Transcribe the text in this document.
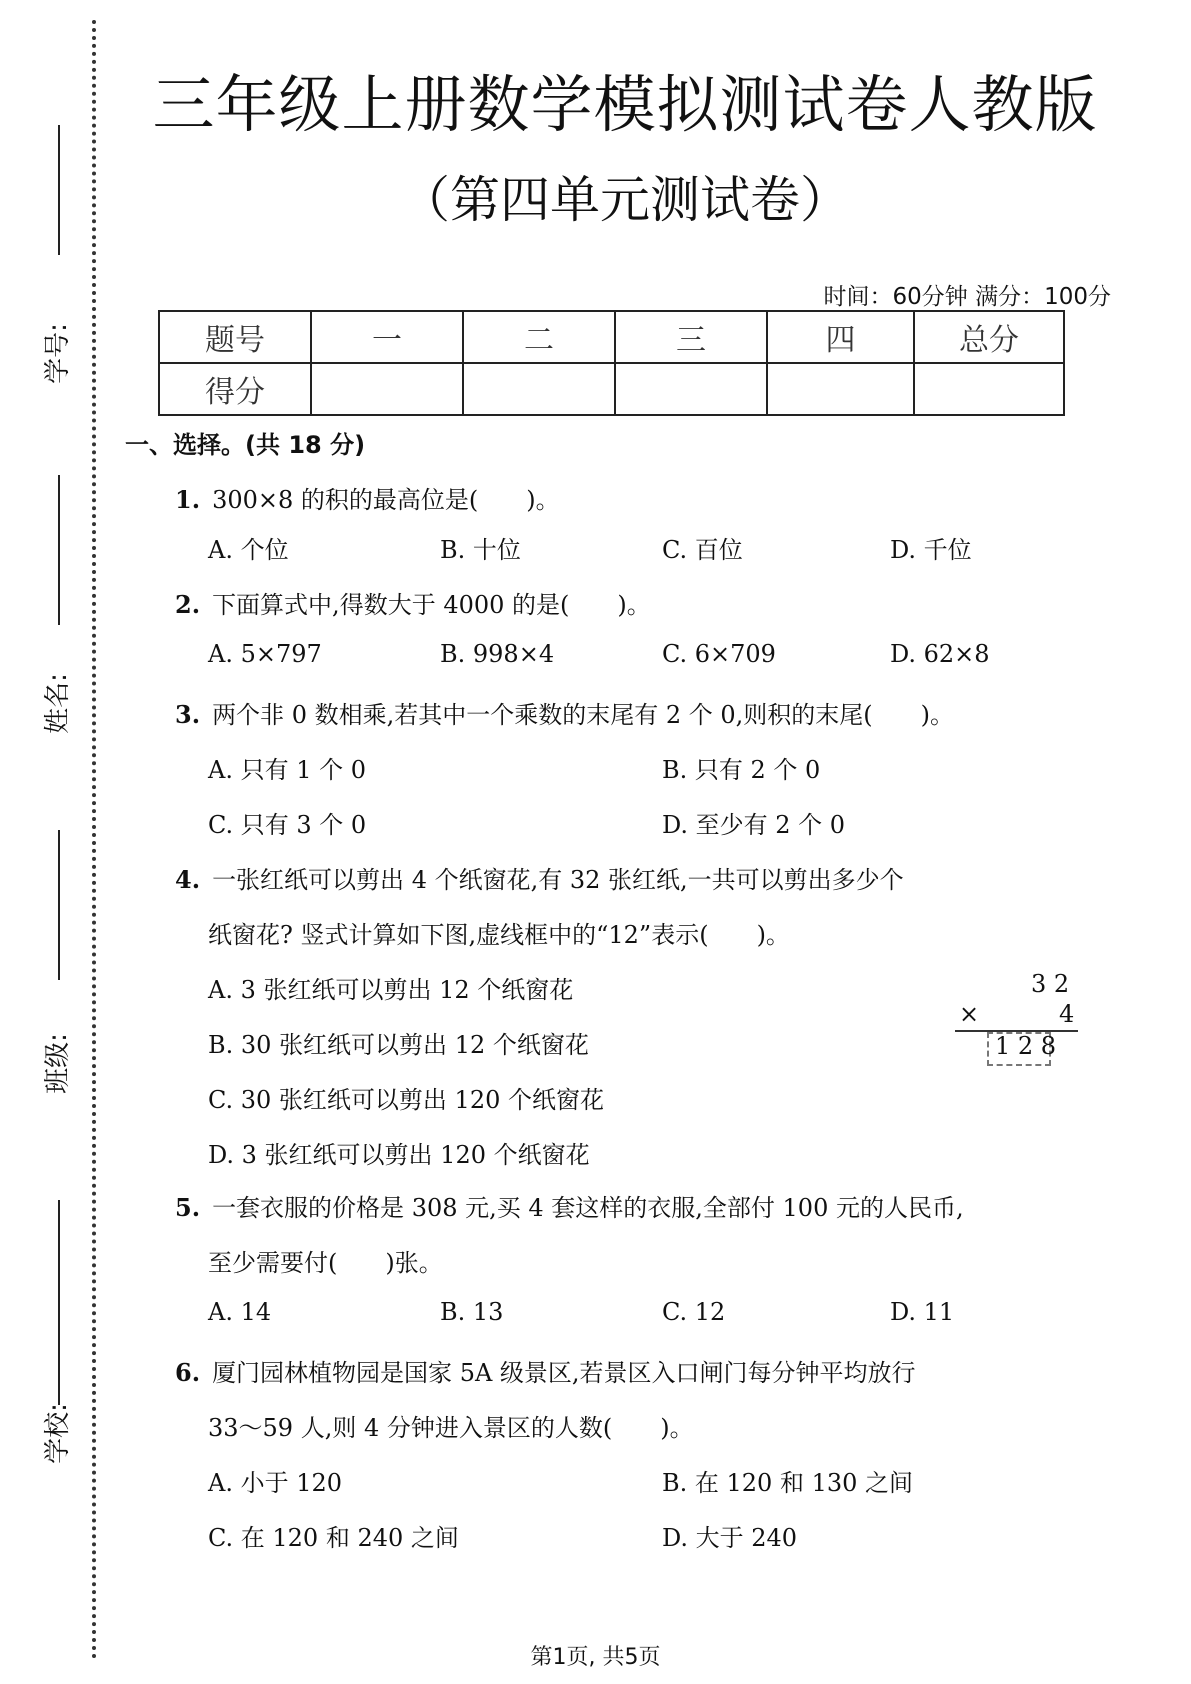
学号:
姓名:
班级:
学校:
三年级上册数学模拟测试卷人教版
（第四单元测试卷）
时间：60分钟 满分：100分
题号	一	二	三	四	总分
得分					
一、选择。(共 18 分)
1. 300×8 的积的最高位是(　　)。
A. 个位	B. 十位	C. 百位	D. 千位
2. 下面算式中,得数大于 4000 的是(　　)。
A. 5×797	B. 998×4	C. 6×709	D. 62×8
3. 两个非 0 数相乘,若其中一个乘数的末尾有 2 个 0,则积的末尾(　　)。
A. 只有 1 个 0	B. 只有 2 个 0
C. 只有 3 个 0	D. 至少有 2 个 0
4. 一张红纸可以剪出 4 个纸窗花,有 32 张红纸,一共可以剪出多少个
纸窗花? 竖式计算如下图,虚线框中的“12”表示(　　)。
A. 3 张红纸可以剪出 12 个纸窗花
B. 30 张红纸可以剪出 12 个纸窗花
C. 30 张红纸可以剪出 120 个纸窗花
D. 3 张红纸可以剪出 120 个纸窗花
3 2
×	4
1 2 8
5. 一套衣服的价格是 308 元,买 4 套这样的衣服,全部付 100 元的人民币,
至少需要付(　　)张。
A. 14	B. 13	C. 12	D. 11
6. 厦门园林植物园是国家 5A 级景区,若景区入口闸门每分钟平均放行
33～59 人,则 4 分钟进入景区的人数(　　)。
A. 小于 120	B. 在 120 和 130 之间
C. 在 120 和 240 之间	D. 大于 240
第1页, 共5页
